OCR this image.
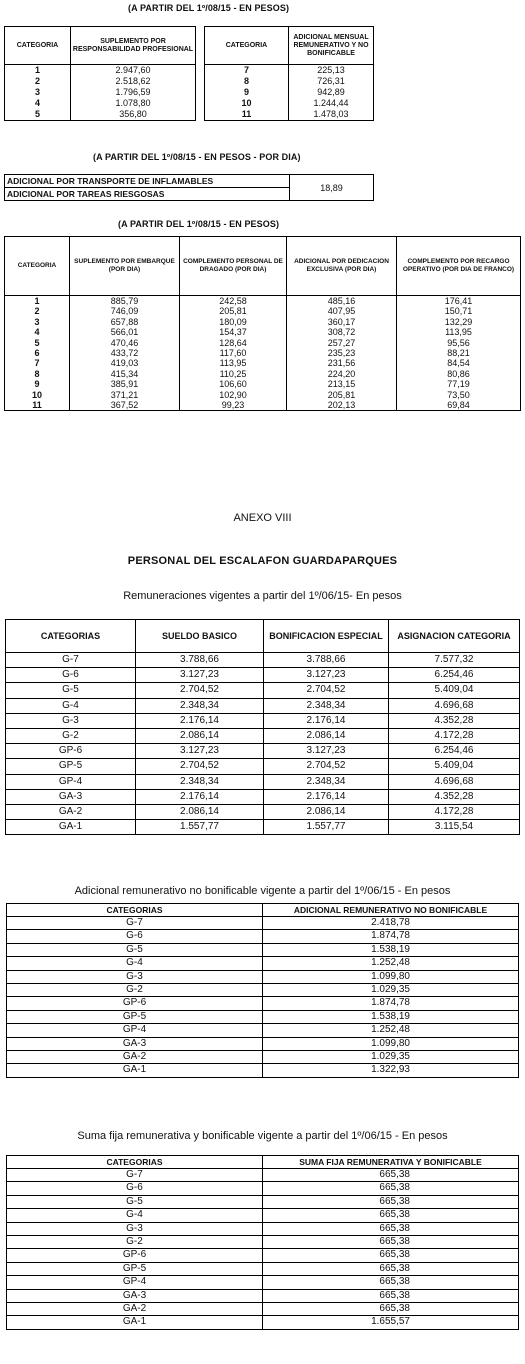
(A PARTIR DEL 1º/08/15 - EN PESOS)
CATEGORIA	SUPLEMENTO POR RESPONSABILIDAD PROFESIONAL
1	2.947,60
2	2.518,62
3	1.796,59
4	1.078,80
5	356,80
CATEGORIA	ADICIONAL MENSUAL REMUNERATIVO Y NO BONIFICABLE
7	225,13
8	726,31
9	942,89
10	1.244,44
11	1.478,03
(A PARTIR DEL 1º/08/15 - EN PESOS - POR DIA)
ADICIONAL POR TRANSPORTE DE INFLAMABLES	18,89
ADICIONAL POR TAREAS RIESGOSAS
(A PARTIR DEL 1º/08/15 - EN PESOS)
CATEGORIA	SUPLEMENTO POR EMBARQUE (POR DIA)	COMPLEMENTO PERSONAL DE DRAGADO (POR DIA)	ADICIONAL POR DEDICACION EXCLUSIVA (POR DIA)	COMPLEMENTO POR RECARGO OPERATIVO (POR DIA DE FRANCO)
1	885,79	242,58	485,16	176,41
2	746,09	205,81	407,95	150,71
3	657,88	180,09	360,17	132,29
4	566,01	154,37	308,72	113,95
5	470,46	128,64	257,27	95,56
6	433,72	117,60	235,23	88,21
7	419,03	113,95	231,56	84,54
8	415,34	110,25	224,20	80,86
9	385,91	106,60	213,15	77,19
10	371,21	102,90	205,81	73,50
11	367,52	99,23	202,13	69,84
ANEXO VIII
PERSONAL DEL ESCALAFON GUARDAPARQUES
Remuneraciones vigentes a partir del 1º/06/15- En pesos
CATEGORIAS	SUELDO BASICO	BONIFICACION ESPECIAL	ASIGNACION CATEGORIA
G-7	3.788,66	3.788,66	7.577,32
G-6	3.127,23	3.127,23	6.254,46
G-5	2.704,52	2.704,52	5.409,04
G-4	2.348,34	2.348,34	4.696,68
G-3	2.176,14	2.176,14	4.352,28
G-2	2.086,14	2.086,14	4.172,28
GP-6	3.127,23	3.127,23	6.254,46
GP-5	2.704,52	2.704,52	5.409,04
GP-4	2.348,34	2.348,34	4.696,68
GA-3	2.176,14	2.176,14	4.352,28
GA-2	2.086,14	2.086,14	4.172,28
GA-1	1.557,77	1.557,77	3.115,54
Adicional remunerativo no bonificable vigente a partir del 1º/06/15 - En pesos
CATEGORIAS	ADICIONAL REMUNERATIVO NO BONIFICABLE
G-7	2.418,78
G-6	1.874,78
G-5	1.538,19
G-4	1.252,48
G-3	1.099,80
G-2	1.029,35
GP-6	1.874,78
GP-5	1.538,19
GP-4	1.252,48
GA-3	1.099,80
GA-2	1.029,35
GA-1	1.322,93
Suma fija remunerativa y bonificable vigente a partir del 1º/06/15 - En pesos
CATEGORIAS	SUMA FIJA REMUNERATIVA Y BONIFICABLE
G-7	665,38
G-6	665,38
G-5	665,38
G-4	665,38
G-3	665,38
G-2	665,38
GP-6	665,38
GP-5	665,38
GP-4	665,38
GA-3	665,38
GA-2	665,38
GA-1	1.655,57
